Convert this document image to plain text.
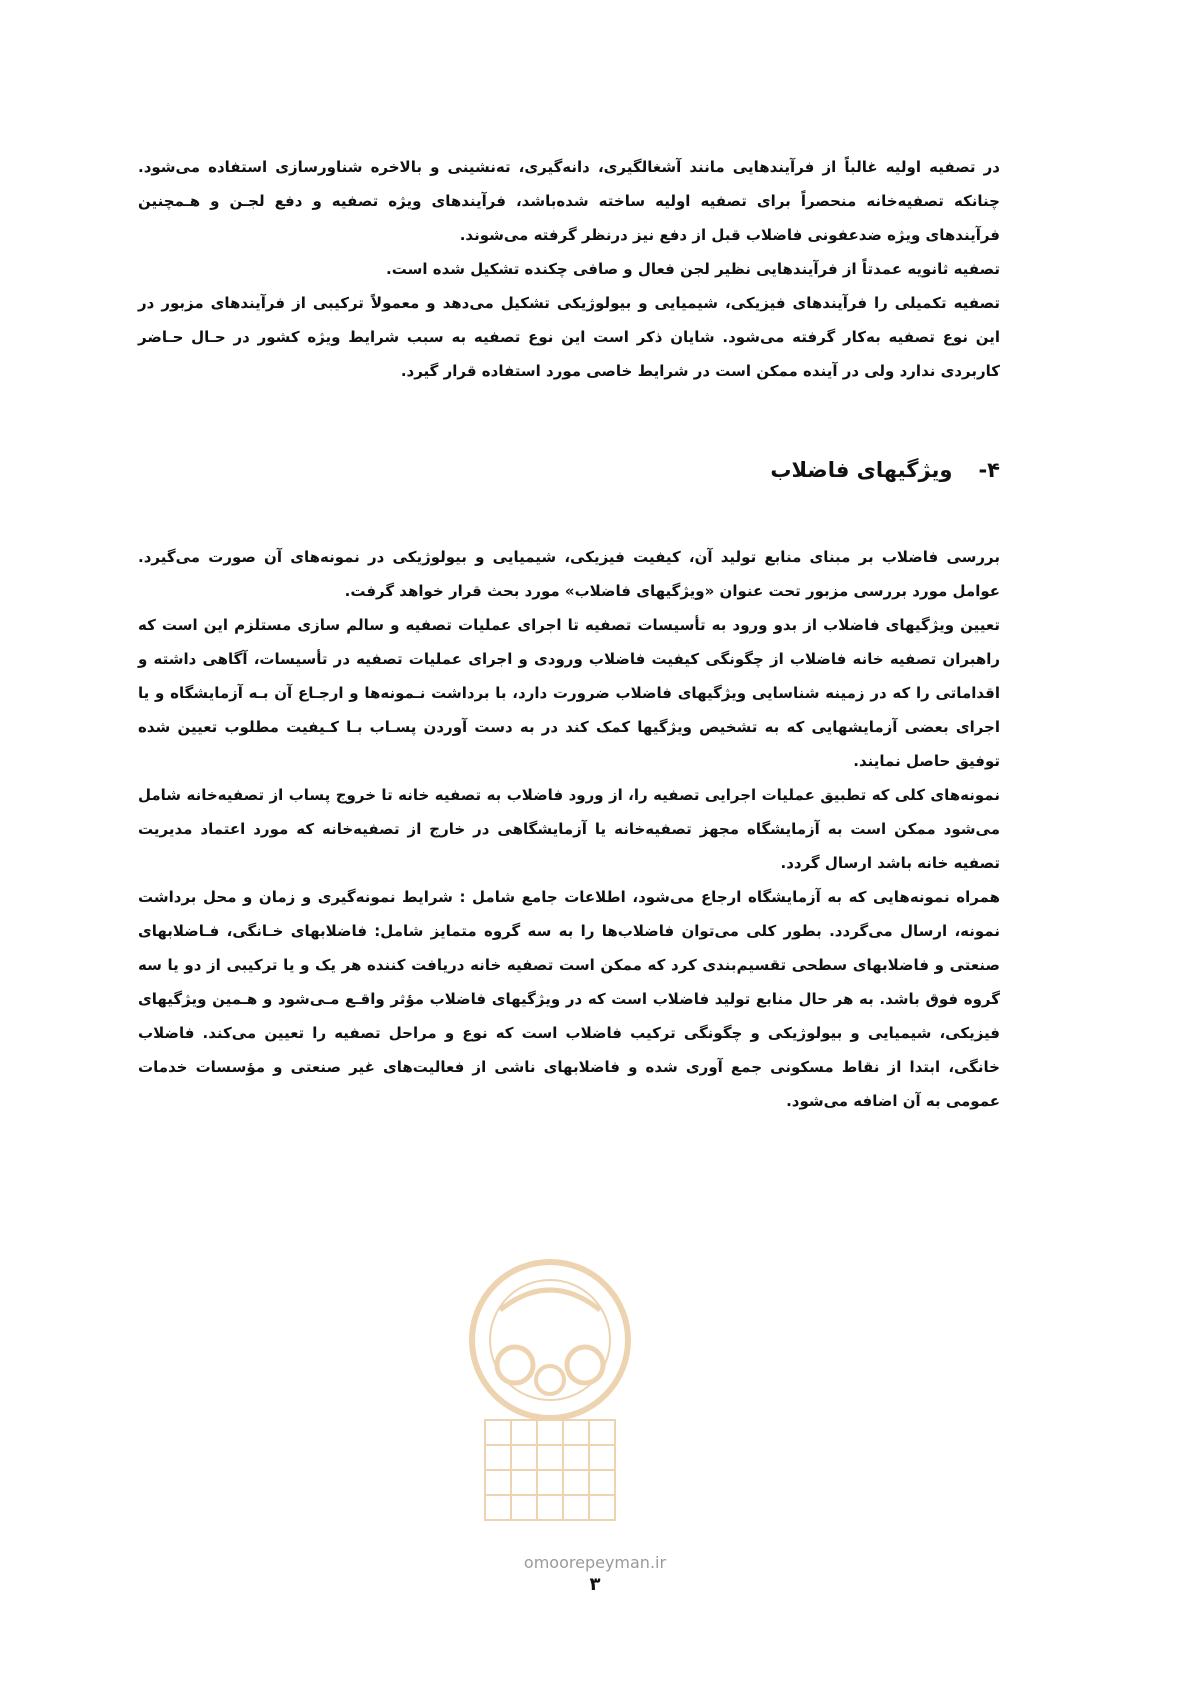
در تصفیه اولیه غالباً از فرآیندهایی مانند آشغالگیری، دانه‌گیری، ته‌نشینی و بالاخره شناورسازی استفاده می‌شود. چنانکه تصفیه‌خانه منحصراً برای تصفیه اولیه ساخته شده‌باشد، فرآیندهای ویژه تصفیه و دفع لجـن و هـمچنین فرآیندهای ویژه ضدعفونی فاضلاب قبل از دفع نیز درنظر گرفته می‌شوند.

تصفیه ثانویه عمدتاً از فرآیندهایی نظیر لجن فعال و صافی چکنده تشکیل شده است.

تصفیه تکمیلی را فرآیندهای فیزیکی، شیمیایی و بیولوژیکی تشکیل می‌دهد و معمولاً ترکیبی از فرآیندهای مزبور در این نوع تصفیه به‌کار گرفته می‌شود. شایان ذکر است این نوع تصفیه به سبب شرایط ویژه کشور در حـال حـاضر کاربردی ندارد ولی در آینده ممکن است در شرایط خاصی مورد استفاده قرار گیرد.

۴-
ویژگیهای فاضلاب

بررسی فاضلاب بر مبنای منابع تولید آن، کیفیت فیزیکی، شیمیایی و بیولوژیکی در نمونه‌های آن صورت می‌گیرد. عوامل مورد بررسی مزبور تحت عنوان «ویژگیهای فاضلاب» مورد بحث قرار خواهد گرفت.

تعیین ویژگیهای فاضلاب از بدو ورود به تأسیسات تصفیه تا اجرای عملیات تصفیه و سالم سازی مستلزم این است که راهبران تصفیه خانه فاضلاب از چگونگی کیفیت فاضلاب ورودی و اجرای عملیات تصفیه در تأسیسات، آگاهی داشته و اقداماتی را که در زمینه شناسایی ویژگیهای فاضلاب ضرورت دارد، با برداشت نـمونه‌ها و ارجـاع آن بـه آزمایشگاه و یا اجرای بعضی آزمایشهایی که به تشخیص ویژگیها کمک کند در به دست آوردن پسـاب بـا کـیفیت مطلوب تعیین شده توفیق حاصل نمایند.

نمونه‌های کلی که تطبیق عملیات اجرایی تصفیه را، از ورود فاضلاب به تصفیه خانه تا خروج پساب از تصفیه‌خانه شامل می‌شود ممکن است به آزمایشگاه مجهز تصفیه‌خانه یا آزمایشگاهی در خارج از تصفیه‌خانه که مورد اعتماد مدیریت تصفیه خانه باشد ارسال گردد.

همراه نمونه‌هایی که به آزمایشگاه ارجاع می‌شود، اطلاعات جامع شامل : شرایط نمونه‌گیری و زمان و محل برداشت نمونه، ارسال می‌گردد. بطور کلی می‌توان فاضلاب‌ها را به سه گروه متمایز شامل: فاضلابهای خـانگی، فـاضلابهای صنعتی و فاضلابهای سطحی تقسیم‌بندی کرد که ممکن است تصفیه خانه دریافت کننده هر یک و یا ترکیبی از دو یا سه گروه فوق باشد. به هر حال منابع تولید فاضلاب است که در ویژگیهای فاضلاب مؤثر واقـع مـی‌شود و هـمین ویژگیهای فیزیکی، شیمیایی و بیولوژیکی و چگونگی ترکیب فاضلاب است که نوع و مراحل تصفیه را تعیین می‌کند. فاضلاب خانگی، ابتدا از نقاط مسکونی جمع آوری شده و فاضلابهای ناشی از فعالیت‌های غیر صنعتی و مؤسسات خدمات عمومی به آن اضافه می‌شود.

omoorepeyman.ir
۳
